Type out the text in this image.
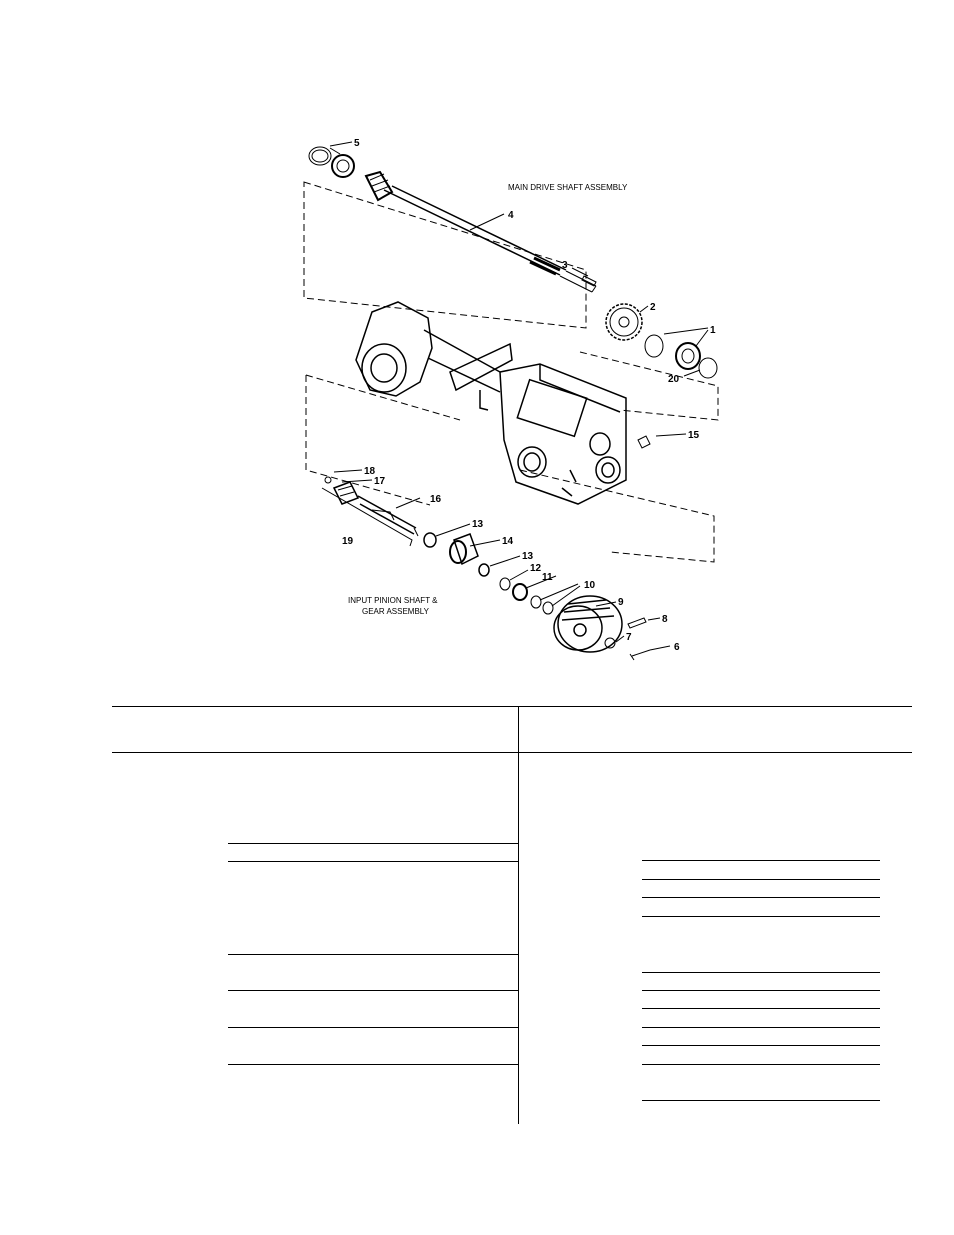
5
4
3
2
1
20
15
18
17
16
19
13
14
13
12
11
10
9
8
7
6
MAIN DRIVE SHAFT ASSEMBLY
INPUT PINION SHAFT &
GEAR ASSEMBLY
